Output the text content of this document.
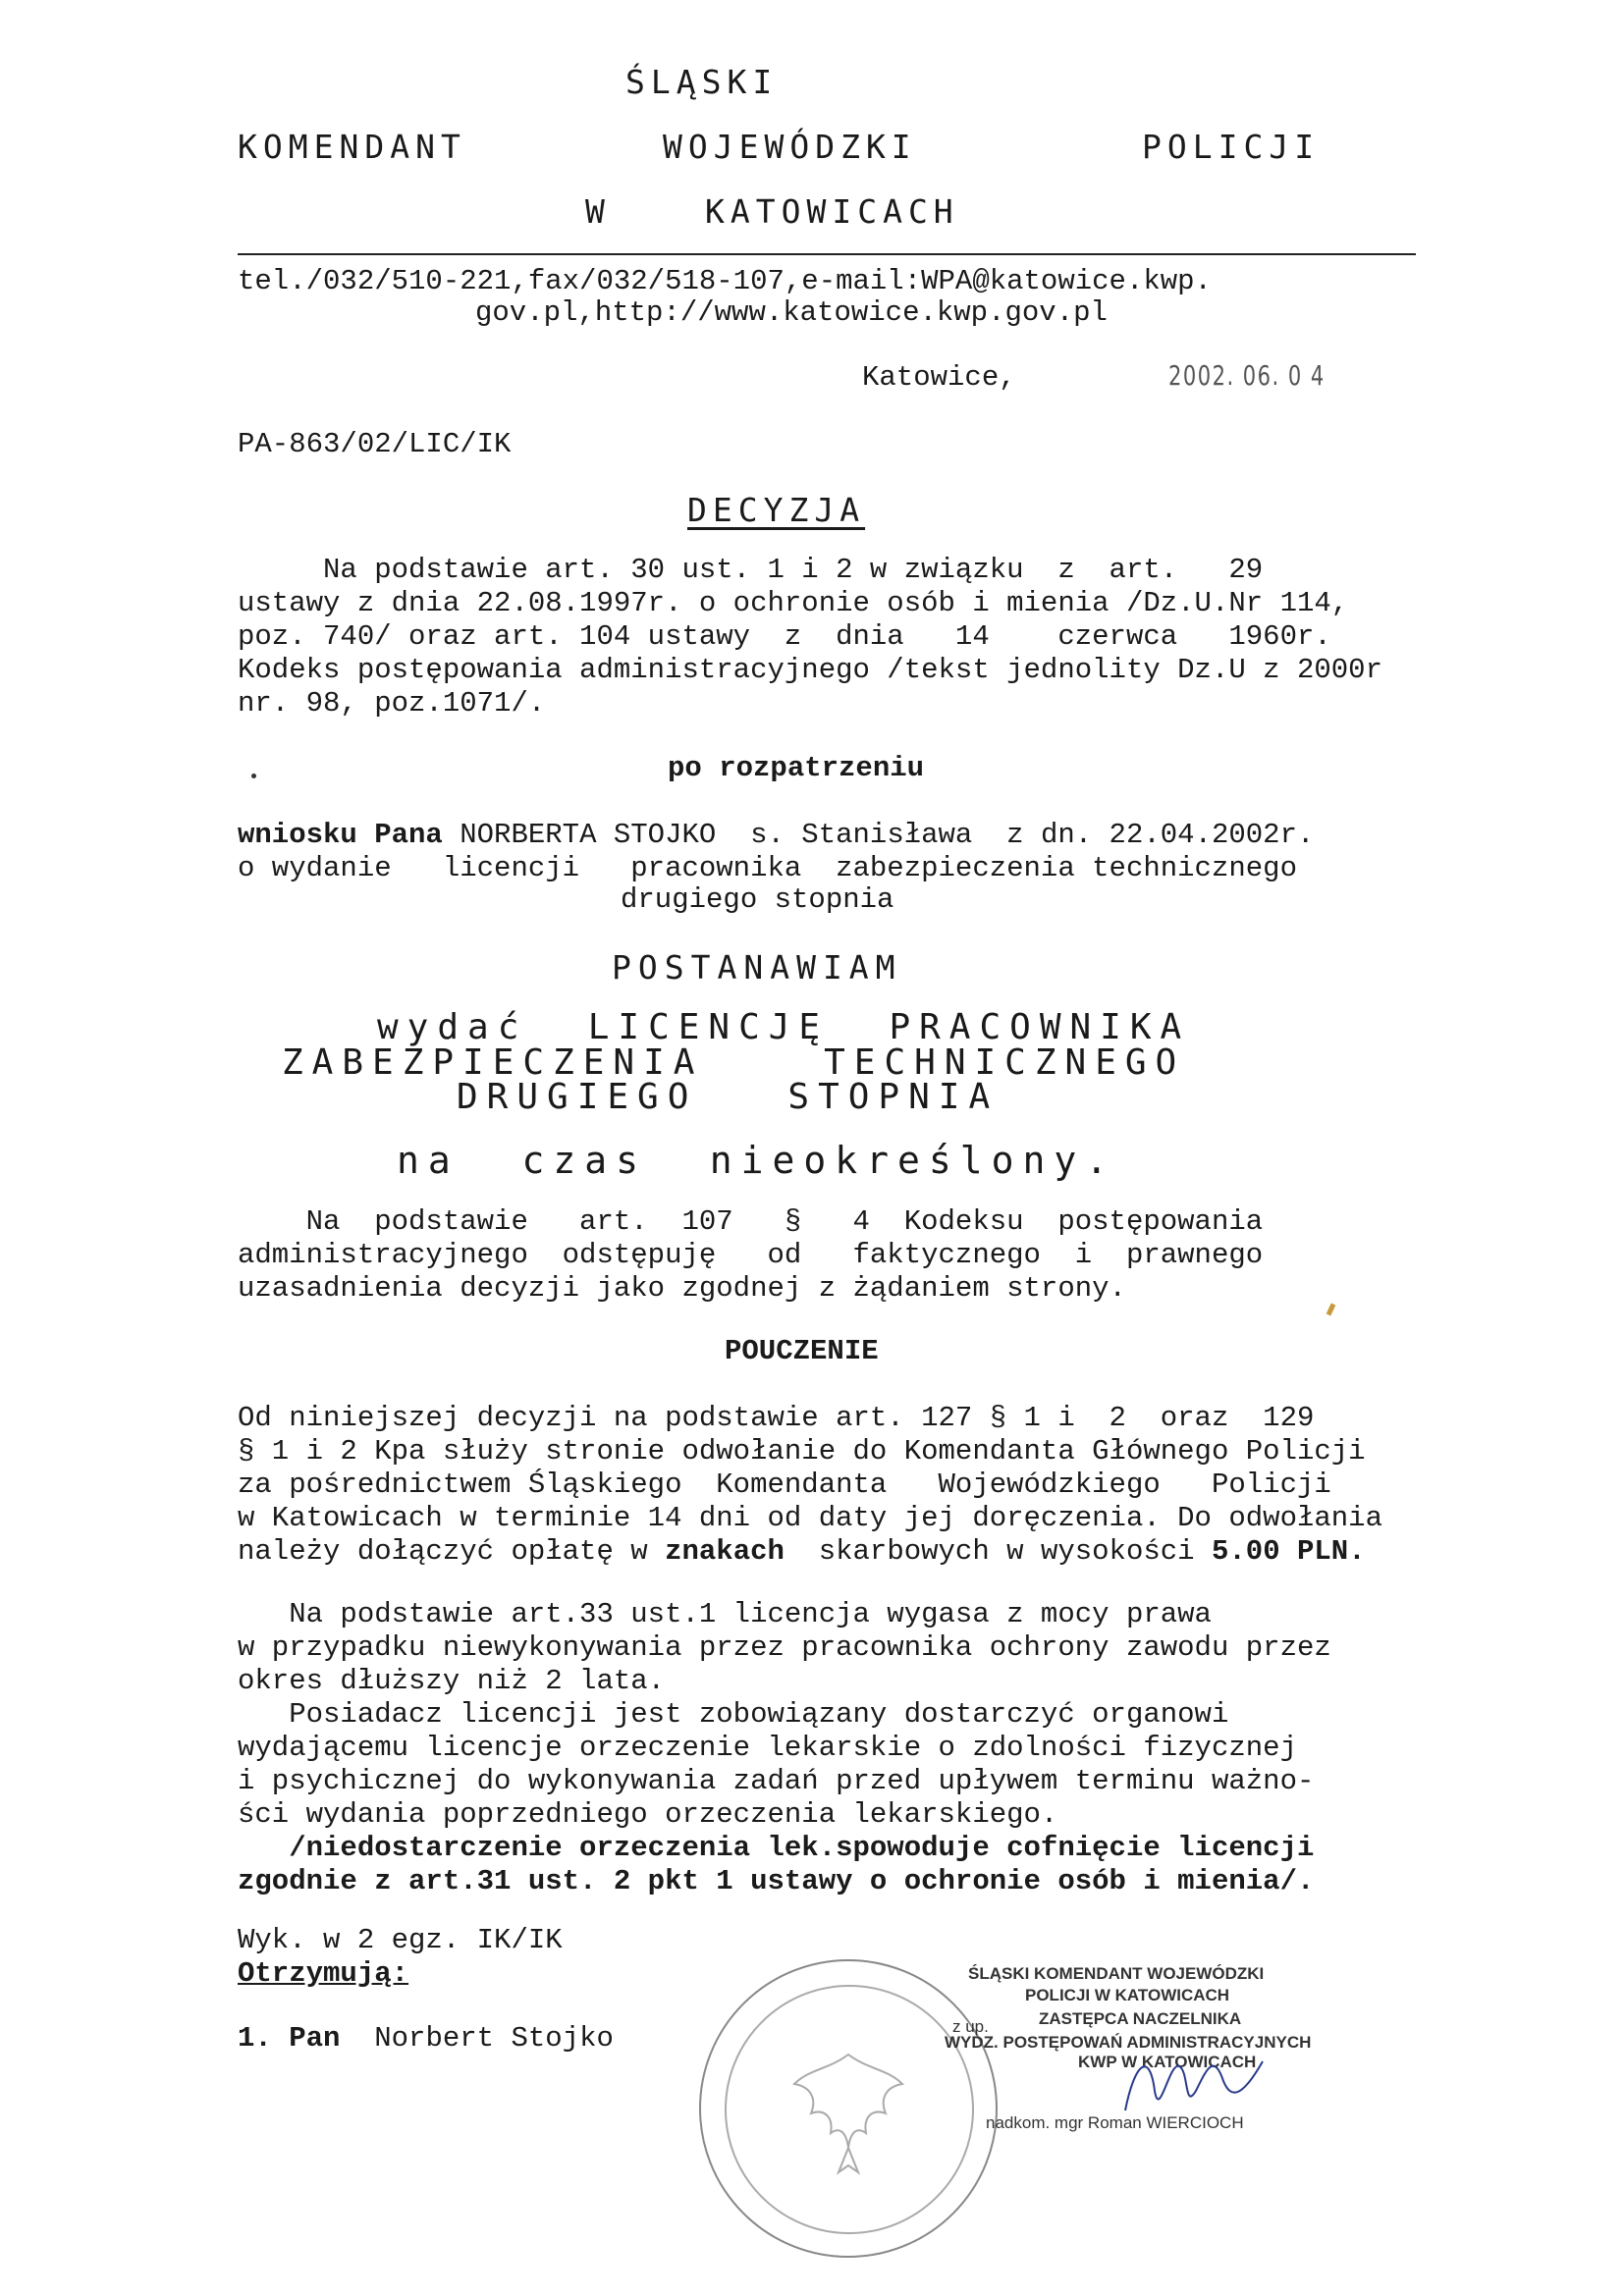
ŚLĄSKI
KOMENDANT	WOJEWÓDZKI	POLICJI
W	KATOWICACH
tel./032/510-221,fax/032/518-107,e-mail:WPA@katowice.kwp.
gov.pl,http://www.katowice.kwp.gov.pl
Katowice,	2002. 06. 0 4
PA-863/02/LIC/IK
DECYZJA
Na podstawie art. 30 ust. 1 i 2 w związku  z  art.   29
ustawy z dnia 22.08.1997r. o ochronie osób i mienia /Dz.U.Nr 114,
poz. 740/ oraz art. 104 ustawy  z  dnia   14    czerwca   1960r.
Kodeks postępowania administracyjnego /tekst jednolity Dz.U z 2000r
nr. 98, poz.1071/.
po rozpatrzeniu
wniosku Pana NORBERTA STOJKO  s. Stanisława  z dn. 22.04.2002r.
o wydanie   licencji   pracownika  zabezpieczenia technicznego
drugiego stopnia
POSTANAWIAM
wydać  LICENCJĘ  PRACOWNIKA
ZABEZPIECZENIA    TECHNICZNEGO
DRUGIEGO   STOPNIA
na  czas  nieokreślony.
Na  podstawie   art.  107   §   4  Kodeksu  postępowania
administracyjnego  odstępuję   od   faktycznego  i  prawnego
uzasadnienia decyzji jako zgodnej z żądaniem strony.
POUCZENIE
Od niniejszej decyzji na podstawie art. 127 § 1 i  2  oraz  129
§ 1 i 2 Kpa służy stronie odwołanie do Komendanta Głównego Policji
za pośrednictwem Śląskiego  Komendanta   Wojewódzkiego   Policji
w Katowicach w terminie 14 dni od daty jej doręczenia. Do odwołania
należy dołączyć opłatę w znakach  skarbowych w wysokości 5.00 PLN.
Na podstawie art.33 ust.1 licencja wygasa z mocy prawa
w przypadku niewykonywania przez pracownika ochrony zawodu przez
okres dłuższy niż 2 lata.
Posiadacz licencji jest zobowiązany dostarczyć organowi
wydającemu licencje orzeczenie lekarskie o zdolności fizycznej
i psychicznej do wykonywania zadań przed upływem terminu ważno-
ści wydania poprzedniego orzeczenia lekarskiego.
/niedostarczenie orzeczenia lek.spowoduje cofnięcie licencji
zgodnie z art.31 ust. 2 pkt 1 ustawy o ochronie osób i mienia/.
Wyk. w 2 egz. IK/IK
Otrzymują:
1. Pan Norbert Stojko
ŚLĄSKI KOMENDANT WOJEWÓDZKI
POLICJI W KATOWICACH
ZASTĘPCA NACZELNIKA
z up.
WYDZ. POSTĘPOWAŃ ADMINISTRACYJNYCH
KWP W KATOWICACH
nadkom. mgr Roman WIERCIOCH
